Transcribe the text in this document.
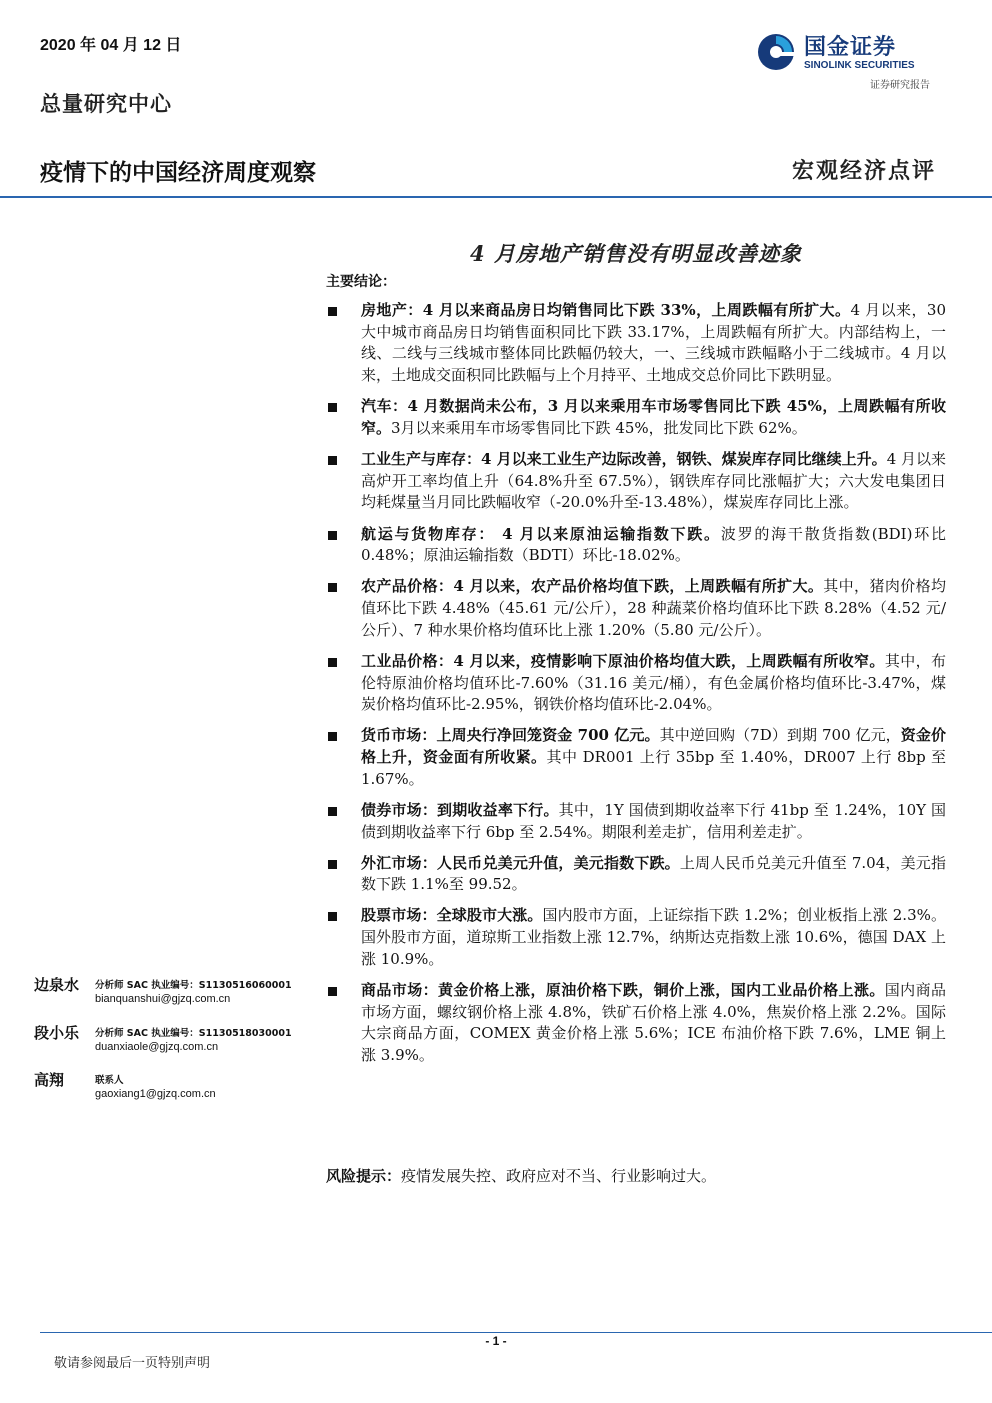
2020 年 04 月 12 日
总量研究中心
国金证券
SINOLINK SECURITIES
证券研究报告
疫情下的中国经济周度观察	宏观经济点评
4 月房地产销售没有明显改善迹象
主要结论：
房地产：4 月以来商品房日均销售同比下跌 33%，上周跌幅有所扩大。4 月以来，30 大中城市商品房日均销售面积同比下跌 33.17%，上周跌幅有所扩大。内部结构上，一线、二线与三线城市整体同比跌幅仍较大，一、三线城市跌幅略小于二线城市。4 月以来，土地成交面积同比跌幅与上个月持平、土地成交总价同比下跌明显。
汽车：4 月数据尚未公布，3 月以来乘用车市场零售同比下跌 45%，上周跌幅有所收窄。3月以来乘用车市场零售同比下跌 45%，批发同比下跌 62%。
工业生产与库存：4 月以来工业生产边际改善，钢铁、煤炭库存同比继续上升。4 月以来高炉开工率均值上升（64.8%升至 67.5%），钢铁库存同比涨幅扩大；六大发电集团日均耗煤量当月同比跌幅收窄（-20.0%升至-13.48%），煤炭库存同比上涨。
航运与货物库存： 4 月以来原油运输指数下跌。波罗的海干散货指数(BDI)环比 0.48%；原油运输指数（BDTI）环比-18.02%。
农产品价格：4 月以来，农产品价格均值下跌，上周跌幅有所扩大。其中，猪肉价格均值环比下跌 4.48%（45.61 元/公斤），28 种蔬菜价格均值环比下跌 8.28%（4.52 元/公斤）、7 种水果价格均值环比上涨 1.20%（5.80 元/公斤）。
工业品价格：4 月以来，疫情影响下原油价格均值大跌，上周跌幅有所收窄。其中，布伦特原油价格均值环比-7.60%（31.16 美元/桶），有色金属价格均值环比-3.47%，煤炭价格均值环比-2.95%，钢铁价格均值环比-2.04%。
货币市场：上周央行净回笼资金 700 亿元。其中逆回购（7D）到期 700 亿元，资金价格上升，资金面有所收紧。其中 DR001 上行 35bp 至 1.40%，DR007 上行 8bp 至 1.67%。
债券市场：到期收益率下行。其中，1Y 国债到期收益率下行 41bp 至 1.24%，10Y 国债到期收益率下行 6bp 至 2.54%。期限利差走扩，信用利差走扩。
外汇市场：人民币兑美元升值，美元指数下跌。上周人民币兑美元升值至 7.04，美元指数下跌 1.1%至 99.52。
股票市场：全球股市大涨。国内股市方面，上证综指下跌 1.2%；创业板指上涨 2.3%。国外股市方面，道琼斯工业指数上涨 12.7%，纳斯达克指数上涨 10.6%，德国 DAX 上涨 10.9%。
商品市场：黄金价格上涨，原油价格下跌，铜价上涨，国内工业品价格上涨。国内商品市场方面，螺纹钢价格上涨 4.8%，铁矿石价格上涨 4.0%，焦炭价格上涨 2.2%。国际大宗商品方面，COMEX 黄金价格上涨 5.6%；ICE 布油价格下跌 7.6%，LME 铜上涨 3.9%。
风险提示：疫情发展失控、政府应对不当、行业影响过大。
边泉水 分析师 SAC 执业编号：S1130516060001
bianquanshui@gjzq.com.cn
段小乐 分析师 SAC 执业编号：S1130518030001
duanxiaole@gjzq.com.cn
高翔	联系人
gaoxiang1@gjzq.com.cn
- 1 -
敬请参阅最后一页特别声明
